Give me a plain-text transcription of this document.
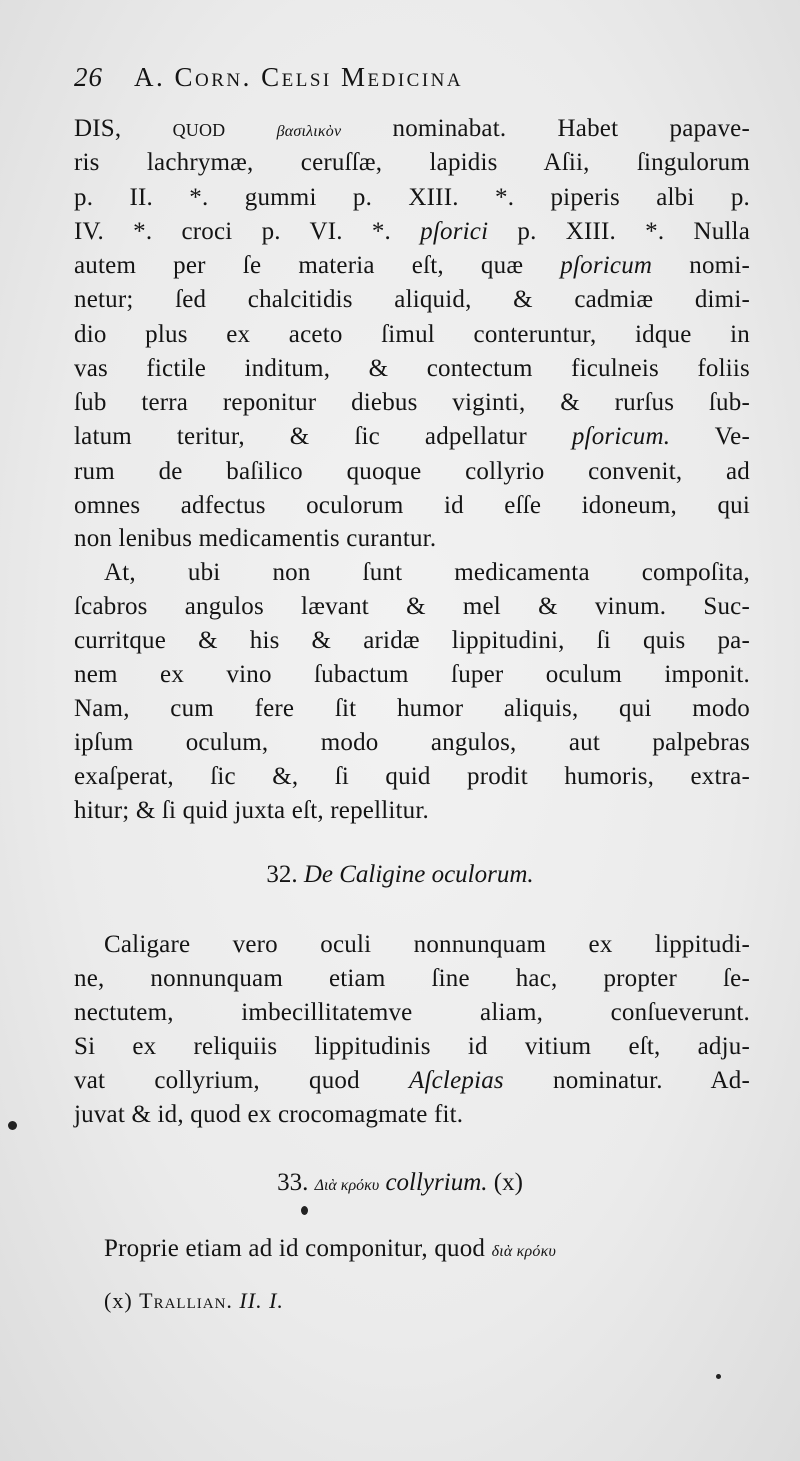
26 A. Corn. Celsi Medicina
DIS, quod βασιλικὸν nominabat. Habet papave-
ris lachrymæ, ceruſſæ, lapidis Aſii, ſingulorum
p. II. *. gummi p. XIII. *. piperis albi p.
IV. *. croci p. VI. *. pſorici p. XIII. *. Nulla
autem per ſe materia eſt, quæ pſoricum nomi-
netur; ſed chalcitidis aliquid, & cadmiæ dimi-
dio plus ex aceto ſimul conteruntur, idque in
vas fictile inditum, & contectum ficulneis foliis
ſub terra reponitur diebus viginti, & rurſus ſub-
latum teritur, & ſic adpellatur pſoricum. Ve-
rum de baſilico quoque collyrio convenit, ad
omnes adfectus oculorum id eſſe idoneum, qui
non lenibus medicamentis curantur.
At, ubi non ſunt medicamenta compoſita,
ſcabros angulos lævant & mel & vinum. Suc-
curritque & his & aridæ lippitudini, ſi quis pa-
nem ex vino ſubactum ſuper oculum imponit.
Nam, cum fere ſit humor aliquis, qui modo
ipſum oculum, modo angulos, aut palpebras
exaſperat, ſic &, ſi quid prodit humoris, extra-
hitur; & ſi quid juxta eſt, repellitur.
32. De Caligine oculorum.
Caligare vero oculi nonnunquam ex lippitudi-
ne, nonnunquam etiam ſine hac, propter ſe-
nectutem, imbecillitatemve aliam, conſueverunt.
Si ex reliquiis lippitudinis id vitium eſt, adju-
vat collyrium, quod Aſclepias nominatur. Ad-
juvat & id, quod ex crocomagmate fit.
33. Διὰ κρόκυ collyrium. (x)
Proprie etiam ad id componitur, quod διὰ κρόκυ
(x) Trallian. II. I.
